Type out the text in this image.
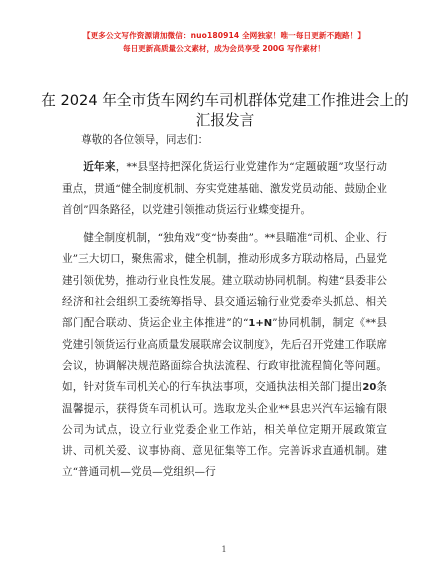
【更多公文写作资源请加微信：nuo180914 全网独家！唯一每日更新不跑路！】
每日更新高质量公文素材，成为会员享受 200G 写作素材！
在 2024 年全市货车网约车司机群体党建工作推进会上的汇报发言

尊敬的各位领导，同志们：

近年来，**县坚持把深化货运行业党建作为“定题破题”攻坚行动重点，贯通“健全制度机制、夯实党建基础、激发党员动能、鼓励企业首创”四条路径，以党建引领推动货运行业蝶变提升。

健全制度机制，“独角戏”变“协奏曲”。**县瞄准“司机、企业、行业”三大切口，聚焦需求，健全机制，推动形成多方联动格局，凸显党建引领优势，推动行业良性发展。建立联动协同机制。构建“县委非公经济和社会组织工委统筹指导、县交通运输行业党委牵头抓总、相关部门配合联动、货运企业主体推进”的“1+N”协同机制，制定《**县党建引领货运行业高质量发展联席会议制度》，先后召开党建工作联席会议，协调解决规范路面综合执法流程、行政审批流程简化等问题。如，针对货车司机关心的行车执法事项，交通执法相关部门提出20条温馨提示，获得货车司机认可。选取龙头企业**县忠兴汽车运输有限公司为试点，设立行业党委企业工作站，相关单位定期开展政策宣讲、司机关爱、议事协商、意见征集等工作。完善诉求直通机制。建立“普通司机—党员—党组织—行

1
